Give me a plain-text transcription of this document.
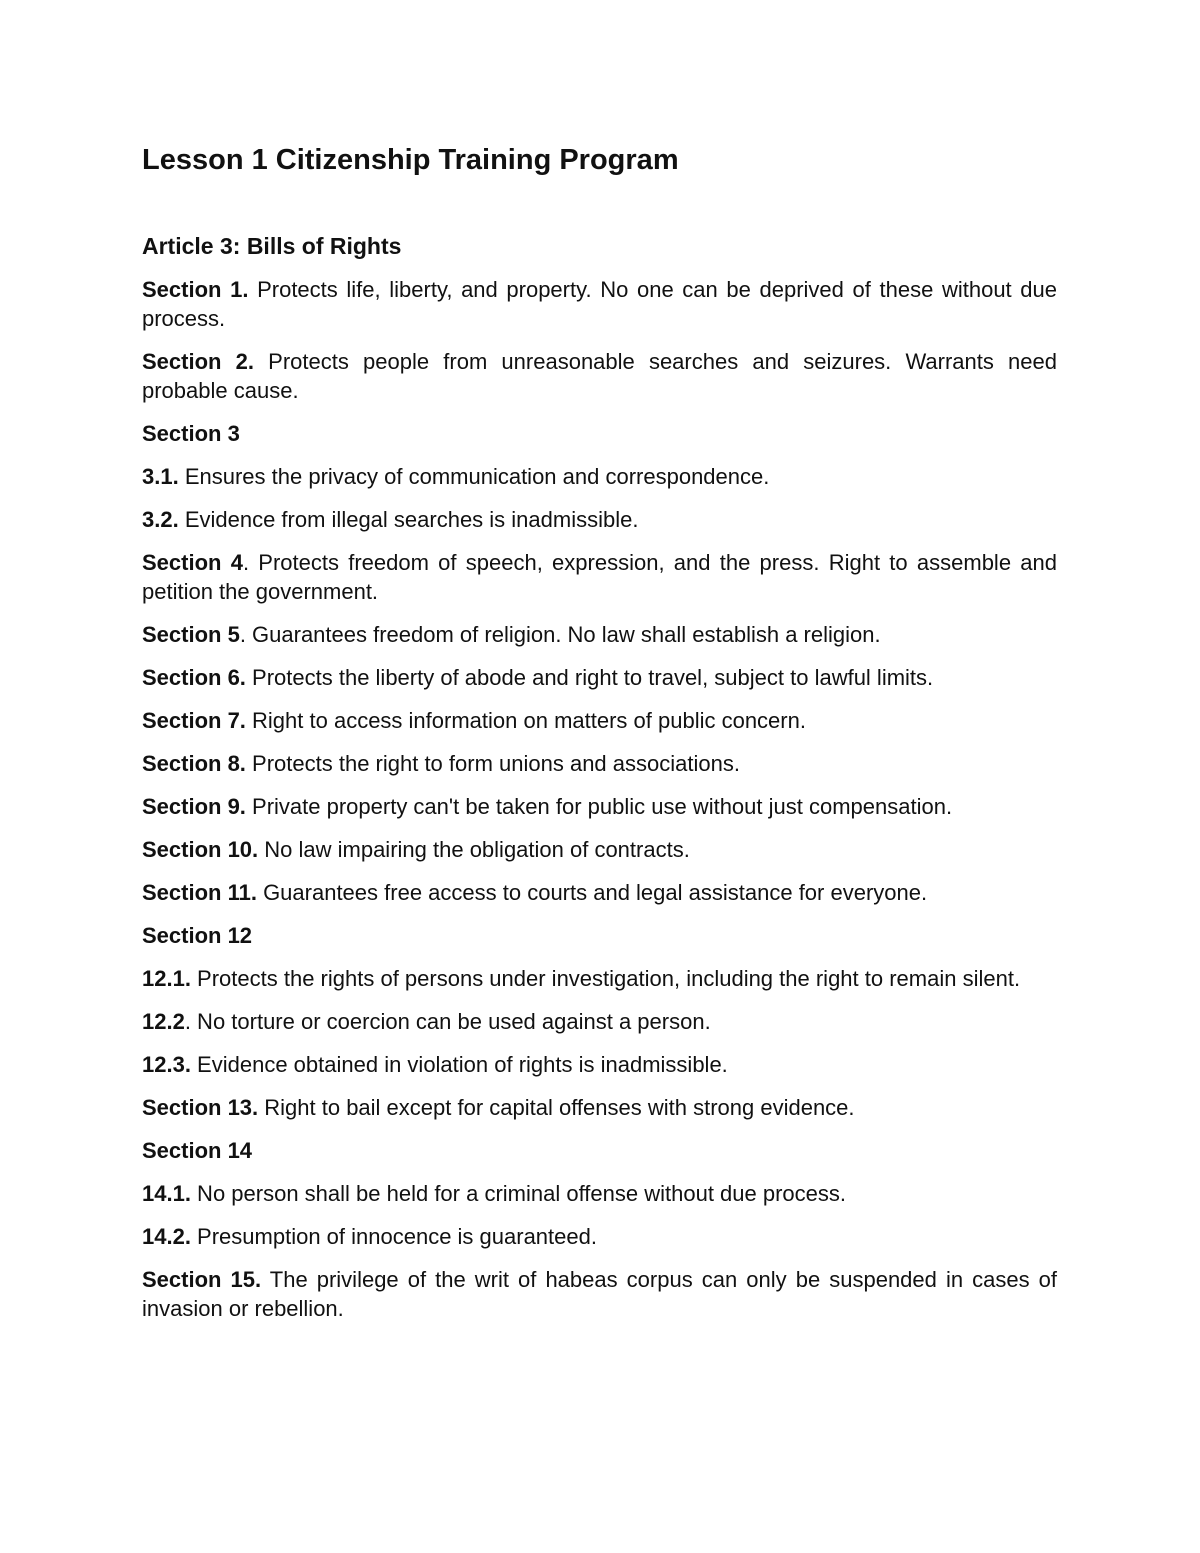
Lesson 1 Citizenship Training Program
Article 3: Bills of Rights

Section 1. Protects life, liberty, and property. No one can be deprived of these without due process.

Section 2. Protects people from unreasonable searches and seizures. Warrants need probable cause.

Section 3

3.1. Ensures the privacy of communication and correspondence.

3.2. Evidence from illegal searches is inadmissible.

Section 4. Protects freedom of speech, expression, and the press. Right to assemble and petition the government.

Section 5. Guarantees freedom of religion. No law shall establish a religion.

Section 6. Protects the liberty of abode and right to travel, subject to lawful limits.

Section 7. Right to access information on matters of public concern.

Section 8. Protects the right to form unions and associations.

Section 9. Private property can't be taken for public use without just compensation.

Section 10. No law impairing the obligation of contracts.

Section 11. Guarantees free access to courts and legal assistance for everyone.

Section 12

12.1. Protects the rights of persons under investigation, including the right to remain silent.

12.2. No torture or coercion can be used against a person.

12.3. Evidence obtained in violation of rights is inadmissible.

Section 13. Right to bail except for capital offenses with strong evidence.

Section 14

14.1. No person shall be held for a criminal offense without due process.

14.2. Presumption of innocence is guaranteed.

Section 15. The privilege of the writ of habeas corpus can only be suspended in cases of invasion or rebellion.
